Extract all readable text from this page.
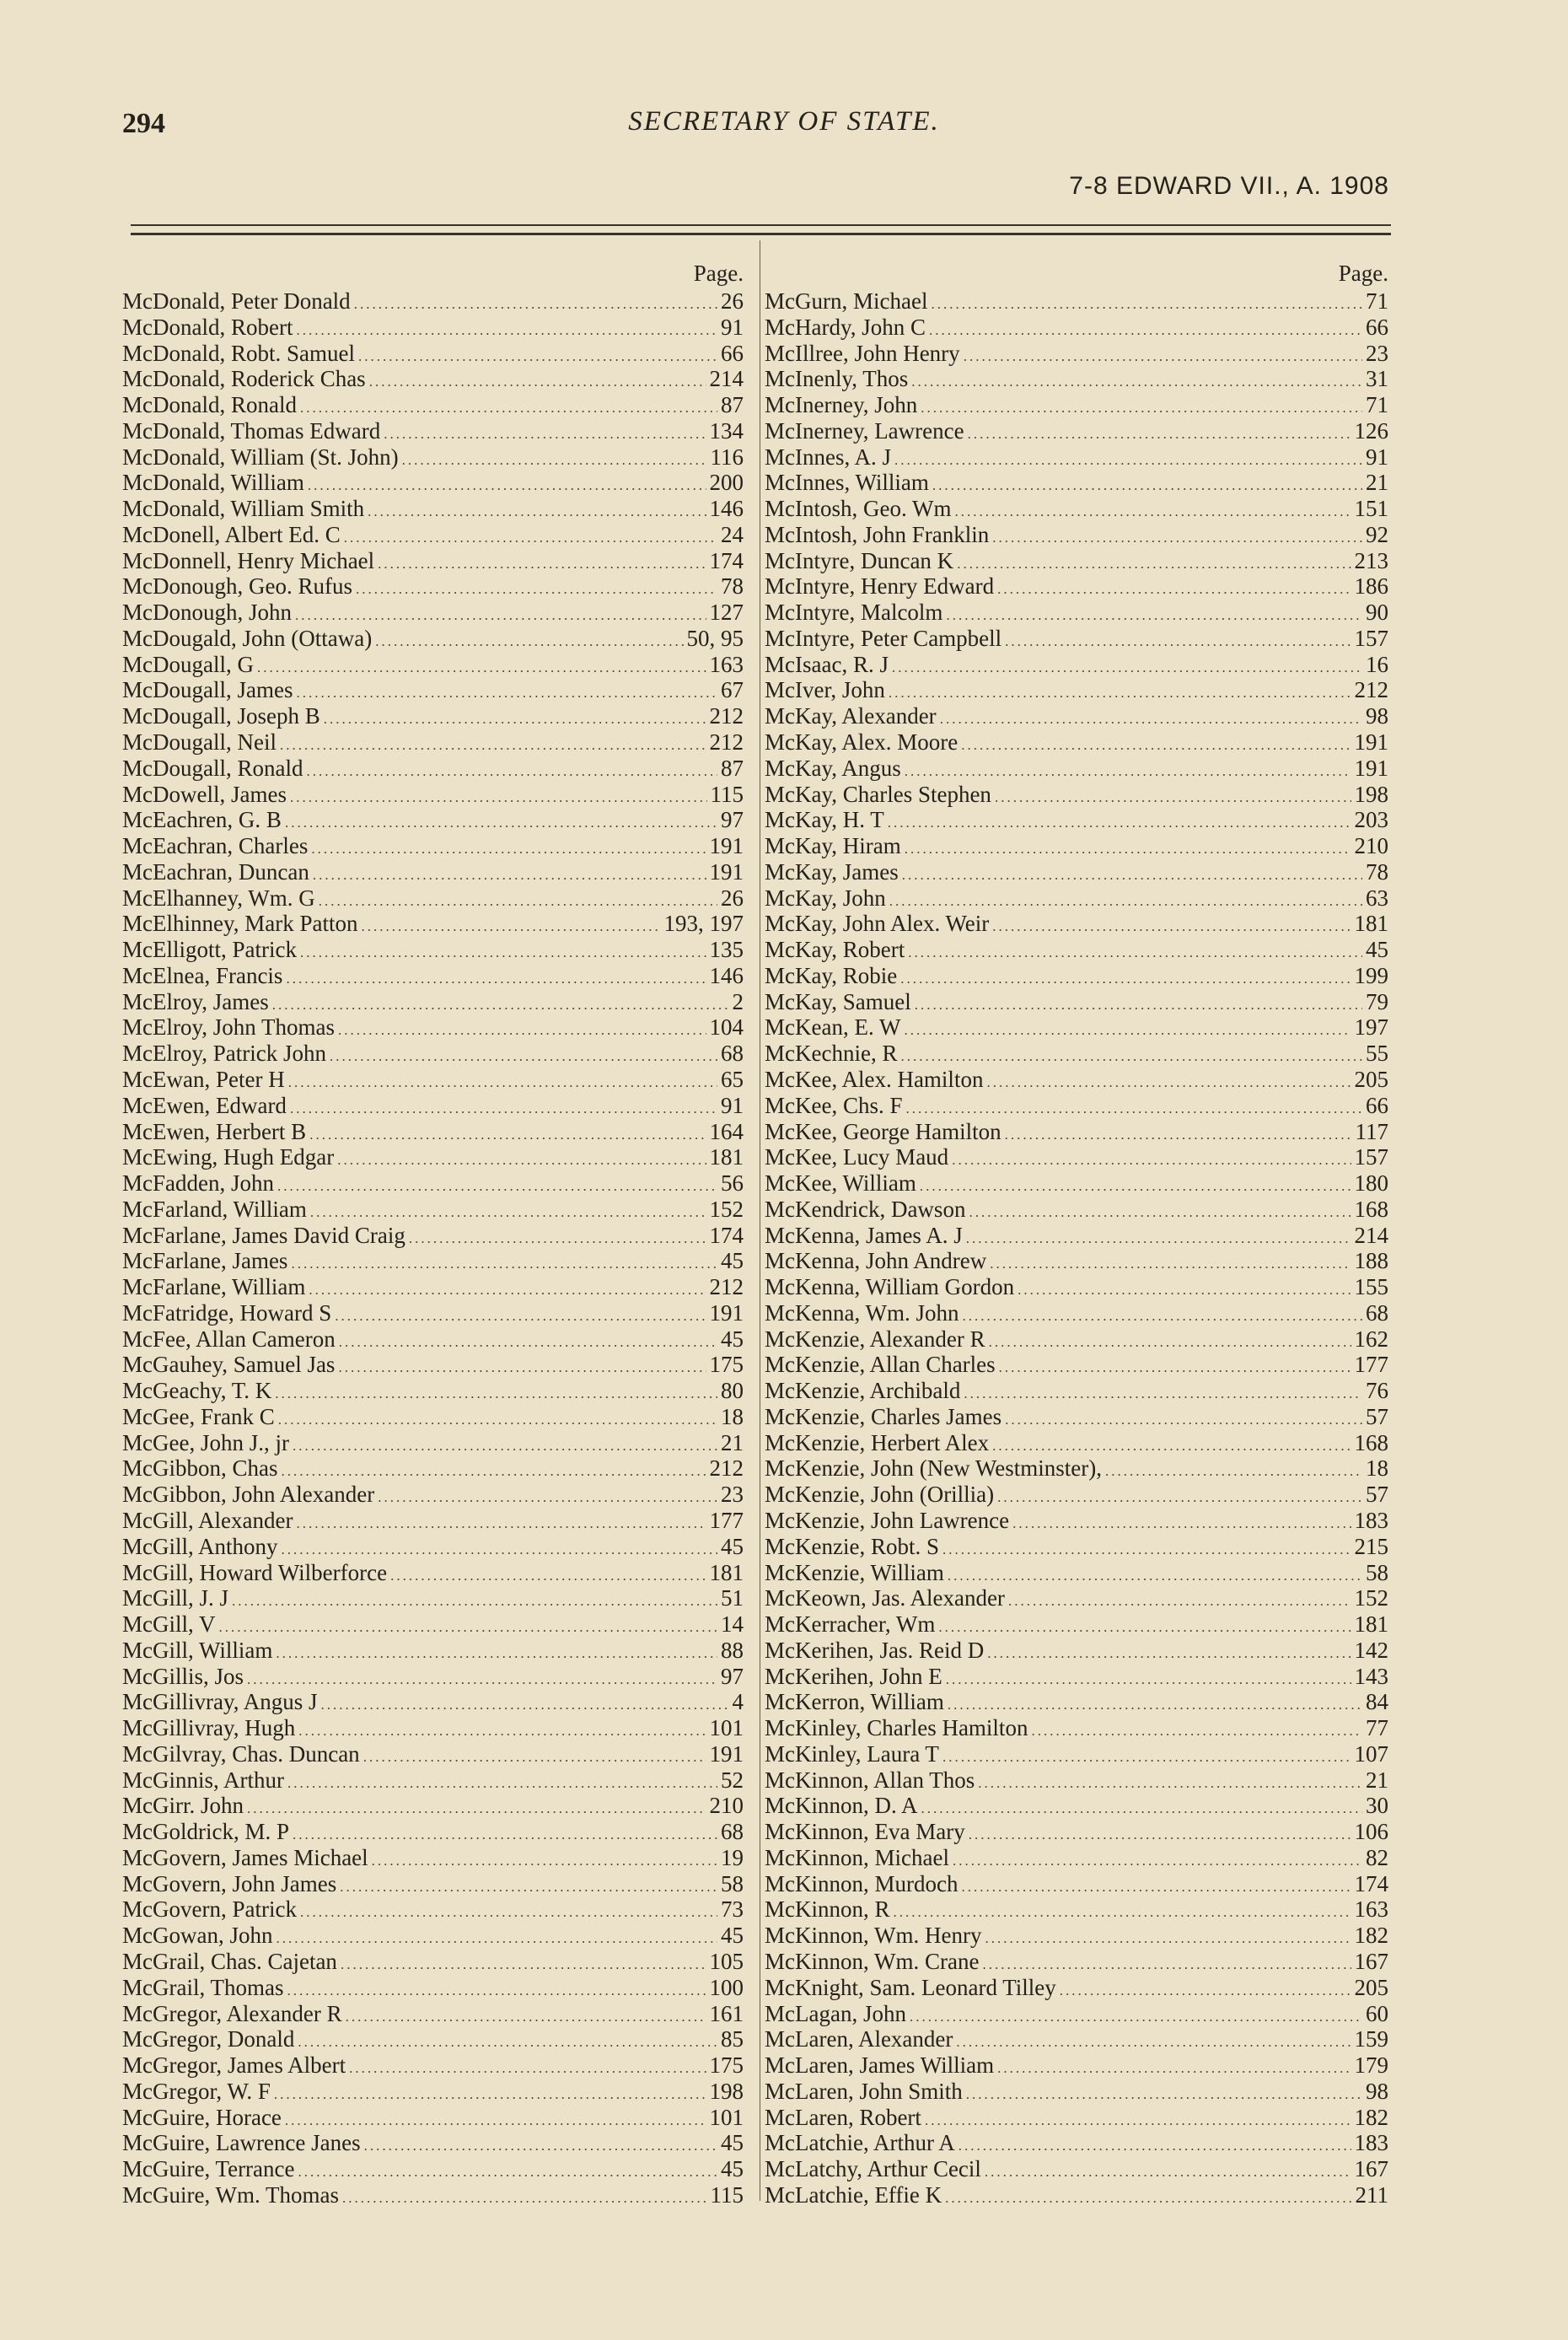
294	SECRETARY OF STATE.
7-8 EDWARD VII., A. 1908
Page.
McDonald, Peter Donald .....	26
McDonald, Robert .....	91
McDonald, Robt. Samuel .....	66
McDonald, Roderick Chas .....	214
McDonald, Ronald .....	87
McDonald, Thomas Edward .....	134
McDonald, William (St. John) .....	116
McDonald, William .....	200
McDonald, William Smith .....	146
McDonell, Albert Ed. C .....	24
McDonnell, Henry Michael .....	174
McDonough, Geo. Rufus .....	78
McDonough, John .....	127
McDougald, John (Ottawa) .....	50, 95
McDougall, G .....	163
McDougall, James .....	67
McDougall, Joseph B .....	212
McDougall, Neil .....	212
McDougall, Ronald .....	87
McDowell, James .....	115
McEachren, G. B .....	97
McEachran, Charles .....	191
McEachran, Duncan .....	191
McElhanney, Wm. G .....	26
McElhinney, Mark Patton .....	193, 197
McElligott, Patrick .....	135
McElnea, Francis .....	146
McElroy, James .....	2
McElroy, John Thomas .....	104
McElroy, Patrick John .....	68
McEwan, Peter H .....	65
McEwen, Edward .....	91
McEwen, Herbert B .....	164
McEwing, Hugh Edgar .....	181
McFadden, John .....	56
McFarland, William .....	152
McFarlane, James David Craig .....	174
McFarlane, James .....	45
McFarlane, William .....	212
McFatridge, Howard S .....	191
McFee, Allan Cameron .....	45
McGauhey, Samuel Jas .....	175
McGeachy, T. K .....	80
McGee, Frank C .....	18
McGee, John J., jr .....	21
McGibbon, Chas .....	212
McGibbon, John Alexander .....	23
McGill, Alexander .....	177
McGill, Anthony .....	45
McGill, Howard Wilberforce .....	181
McGill, J. J .....	51
McGill, V .....	14
McGill, William .....	88
McGillis, Jos .....	97
McGillivray, Angus J .....	4
McGillivray, Hugh .....	101
McGilvray, Chas. Duncan .....	191
McGinnis, Arthur .....	52
McGirr. John .....	210
McGoldrick, M. P .....	68
McGovern, James Michael .....	19
McGovern, John James .....	58
McGovern, Patrick .....	73
McGowan, John .....	45
McGrail, Chas. Cajetan .....	105
McGrail, Thomas .....	100
McGregor, Alexander R .....	161
McGregor, Donald .....	85
McGregor, James Albert .....	175
McGregor, W. F .....	198
McGuire, Horace .....	101
McGuire, Lawrence Janes .....	45
McGuire, Terrance .....	45
McGuire, Wm. Thomas .....	115
Page.
McGurn, Michael .....	71
McHardy, John C .....	66
McIllree, John Henry .....	23
McInenly, Thos .....	31
McInerney, John .....	71
McInerney, Lawrence .....	126
McInnes, A. J .....	91
McInnes, William .....	21
McIntosh, Geo. Wm .....	151
McIntosh, John Franklin .....	92
McIntyre, Duncan K .....	213
McIntyre, Henry Edward .....	186
McIntyre, Malcolm .....	90
McIntyre, Peter Campbell .....	157
McIsaac, R. J .....	16
McIver, John .....	212
McKay, Alexander .....	98
McKay, Alex. Moore .....	191
McKay, Angus .....	191
McKay, Charles Stephen .....	198
McKay, H. T .....	203
McKay, Hiram .....	210
McKay, James .....	78
McKay, John .....	63
McKay, John Alex. Weir .....	181
McKay, Robert .....	45
McKay, Robie .....	199
McKay, Samuel .....	79
McKean, E. W .....	197
McKechnie, R .....	55
McKee, Alex. Hamilton .....	205
McKee, Chs. F .....	66
McKee, George Hamilton .....	117
McKee, Lucy Maud .....	157
McKee, William .....	180
McKendrick, Dawson .....	168
McKenna, James A. J .....	214
McKenna, John Andrew .....	188
McKenna, William Gordon .....	155
McKenna, Wm. John .....	68
McKenzie, Alexander R .....	162
McKenzie, Allan Charles .....	177
McKenzie, Archibald .....	76
McKenzie, Charles James .....	57
McKenzie, Herbert Alex .....	168
McKenzie, John (New Westminster), .....	18
McKenzie, John (Orillia) .....	57
McKenzie, John Lawrence .....	183
McKenzie, Robt. S .....	215
McKenzie, William .....	58
McKeown, Jas. Alexander .....	152
McKerracher, Wm .....	181
McKerihen, Jas. Reid D .....	142
McKerihen, John E .....	143
McKerron, William .....	84
McKinley, Charles Hamilton .....	77
McKinley, Laura T .....	107
McKinnon, Allan Thos .....	21
McKinnon, D. A .....	30
McKinnon, Eva Mary .....	106
McKinnon, Michael .....	82
McKinnon, Murdoch .....	174
McKinnon, R .....	163
McKinnon, Wm. Henry .....	182
McKinnon, Wm. Crane .....	167
McKnight, Sam. Leonard Tilley .....	205
McLagan, John .....	60
McLaren, Alexander .....	159
McLaren, James William .....	179
McLaren, John Smith .....	98
McLaren, Robert .....	182
McLatchie, Arthur A .....	183
McLatchy, Arthur Cecil .....	167
McLatchie, Effie K .....	211
